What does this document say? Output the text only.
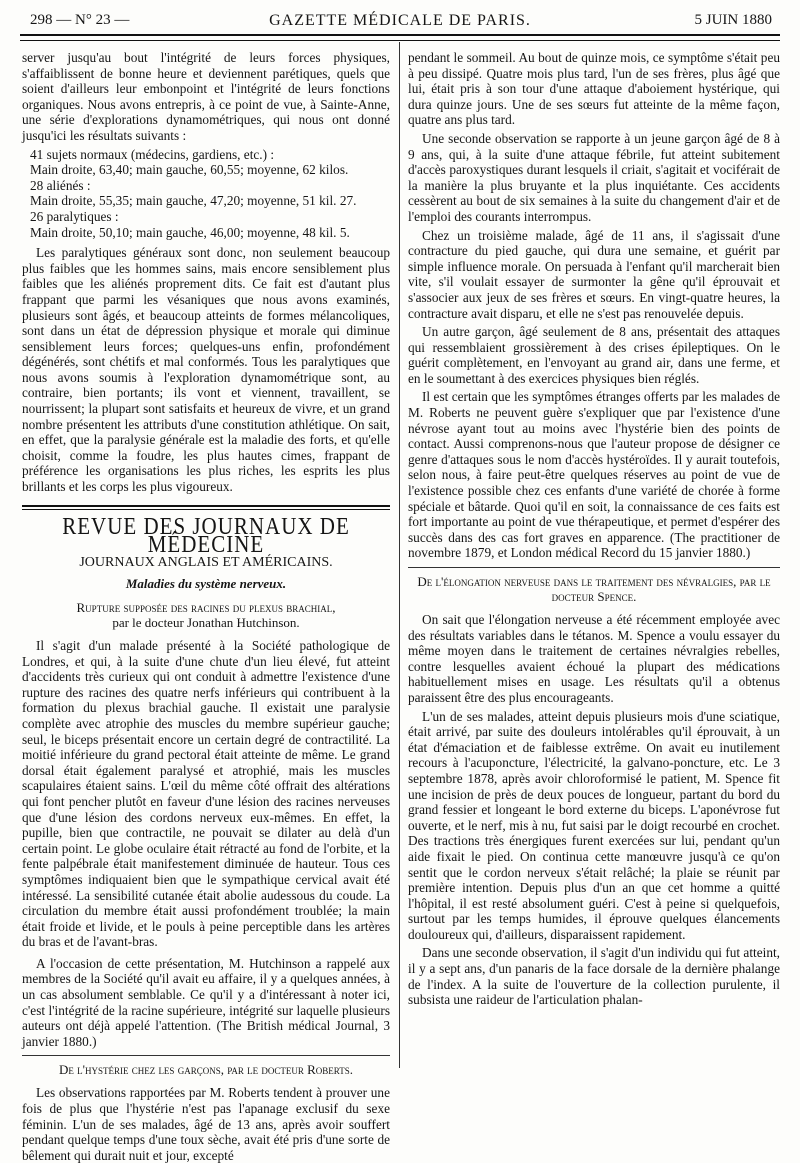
298 — N° 23 —	GAZETTE MÉDICALE DE PARIS.	5 JUIN 1880

server jusqu'au bout l'intégrité de leurs forces physiques, s'affaiblissent de bonne heure et deviennent parétiques, quels que soient d'ailleurs leur embonpoint et l'intégrité de leurs fonctions organiques. Nous avons entrepris, à ce point de vue, à Sainte-Anne, une série d'explorations dynamométriques, qui nous ont donné jusqu'ici les résultats suivants :

41 sujets normaux (médecins, gardiens, etc.) :
Main droite, 63,40; main gauche, 60,55; moyenne, 62 kilos.
28 aliénés :
Main droite, 55,35; main gauche, 47,20; moyenne, 51 kil. 27.
26 paralytiques :
Main droite, 50,10; main gauche, 46,00; moyenne, 48 kil. 5.

Les paralytiques généraux sont donc, non seulement beaucoup plus faibles que les hommes sains, mais encore sensiblement plus faibles que les aliénés proprement dits. Ce fait est d'autant plus frappant que parmi les vésaniques que nous avons examinés, plusieurs sont âgés, et beaucoup atteints de formes mélancoliques, sont dans un état de dépression physique et morale qui diminue sensiblement leurs forces; quelques-uns enfin, profondément dégénérés, sont chétifs et mal conformés. Tous les paralytiques que nous avons soumis à l'exploration dynamométrique sont, au contraire, bien portants; ils vont et viennent, travaillent, se nourrissent; la plupart sont satisfaits et heureux de vivre, et un grand nombre présentent les attributs d'une constitution athlétique. On sait, en effet, que la paralysie générale est la maladie des forts, et qu'elle choisit, comme la foudre, les plus hautes cimes, frappant de préférence les organisations les plus riches, les esprits les plus brillants et les corps les plus vigoureux.

REVUE DES JOURNAUX DE MÉDECINE
JOURNAUX ANGLAIS ET AMÉRICAINS.
Maladies du système nerveux.
Rupture supposée des racines du plexus brachial,
par le docteur Jonathan Hutchinson.

Il s'agit d'un malade présenté à la Société pathologique de Londres, et qui, à la suite d'une chute d'un lieu élevé, fut atteint d'accidents très curieux qui ont conduit à admettre l'existence d'une rupture des racines des quatre nerfs inférieurs qui contribuent à la formation du plexus brachial gauche. Il existait une paralysie complète avec atrophie des muscles du membre supérieur gauche; seul, le biceps présentait encore un certain degré de contractilité. La moitié inférieure du grand pectoral était atteinte de même. Le grand dorsal était également paralysé et atrophié, mais les muscles scapulaires étaient sains. L'œil du même côté offrait des altérations qui font pencher plutôt en faveur d'une lésion des racines nerveuses que d'une lésion des cordons nerveux eux-mêmes. En effet, la pupille, bien que contractile, ne pouvait se dilater au delà d'un certain point. Le globe oculaire était rétracté au fond de l'orbite, et la fente palpébrale était manifestement diminuée de hauteur. Tous ces symptômes indiquaient bien que le sympathique cervical avait été intéressé. La sensibilité cutanée était abolie audessous du coude. La circulation du membre était aussi profondément troublée; la main était froide et livide, et le pouls à peine perceptible dans les artères du bras et de l'avant-bras.

A l'occasion de cette présentation, M. Hutchinson a rappelé aux membres de la Société qu'il avait eu affaire, il y a quelques années, à un cas absolument semblable. Ce qu'il y a d'intéressant à noter ici, c'est l'intégrité de la racine supérieure, intégrité sur laquelle plusieurs auteurs ont déjà appelé l'attention. (The British médical Journal, 3 janvier 1880.)

De l'hystérie chez les garçons, par le docteur Roberts.

Les observations rapportées par M. Roberts tendent à prouver une fois de plus que l'hystérie n'est pas l'apanage exclusif du sexe féminin. L'un de ses malades, âgé de 13 ans, après avoir souffert pendant quelque temps d'une toux sèche, avait été pris d'une sorte de bêlement qui durait nuit et jour, excepté

pendant le sommeil. Au bout de quinze mois, ce symptôme s'était peu à peu dissipé. Quatre mois plus tard, l'un de ses frères, plus âgé que lui, était pris à son tour d'une attaque d'aboiement hystérique, qui dura quinze jours. Une de ses sœurs fut atteinte de la même façon, quatre ans plus tard.

Une seconde observation se rapporte à un jeune garçon âgé de 8 à 9 ans, qui, à la suite d'une attaque fébrile, fut atteint subitement d'accès paroxystiques durant lesquels il criait, s'agitait et vociférait de la manière la plus bruyante et la plus inquiétante. Ces accidents cessèrent au bout de six semaines à la suite du changement d'air et de l'emploi des courants interrompus.

Chez un troisième malade, âgé de 11 ans, il s'agissait d'une contracture du pied gauche, qui dura une semaine, et guérit par simple influence morale. On persuada à l'enfant qu'il marcherait bien vite, s'il voulait essayer de surmonter la gêne qu'il éprouvait et s'associer aux jeux de ses frères et sœurs. En vingt-quatre heures, la contracture avait disparu, et elle ne s'est pas renouvelée depuis.

Un autre garçon, âgé seulement de 8 ans, présentait des attaques qui ressemblaient grossièrement à des crises épileptiques. On le guérit complètement, en l'envoyant au grand air, dans une ferme, et en le soumettant à des exercices physiques bien réglés.

Il est certain que les symptômes étranges offerts par les malades de M. Roberts ne peuvent guère s'expliquer que par l'existence d'une névrose ayant tout au moins avec l'hystérie bien des points de contact. Aussi comprenons-nous que l'auteur propose de désigner ce genre d'attaques sous le nom d'accès hystéroïdes. Il y aurait toutefois, selon nous, à faire peut-être quelques réserves au point de vue de l'existence possible chez ces enfants d'une variété de chorée à forme spéciale et bâtarde. Quoi qu'il en soit, la connaissance de ces faits est fort importante au point de vue thérapeutique, et permet d'espérer des succès dans des cas fort graves en apparence. (The practitioner de novembre 1879, et London médical Record du 15 janvier 1880.)

De l'élongation nerveuse dans le traitement des névralgies, par le docteur Spence.

On sait que l'élongation nerveuse a été récemment employée avec des résultats variables dans le tétanos. M. Spence a voulu essayer du même moyen dans le traitement de certaines névralgies rebelles, contre lesquelles avaient échoué la plupart des médications habituellement mises en usage. Les résultats qu'il a obtenus paraissent être des plus encourageants.

L'un de ses malades, atteint depuis plusieurs mois d'une sciatique, était arrivé, par suite des douleurs intolérables qu'il éprouvait, à un état d'émaciation et de faiblesse extrême. On avait eu inutilement recours à l'acuponcture, l'électricité, la galvano-poncture, etc. Le 3 septembre 1878, après avoir chloroformisé le patient, M. Spence fit une incision de près de deux pouces de longueur, partant du bord du grand fessier et longeant le bord externe du biceps. L'aponévrose fut ouverte, et le nerf, mis à nu, fut saisi par le doigt recourbé en crochet. Des tractions très énergiques furent exercées sur lui, pendant qu'un aide fixait le pied. On continua cette manœuvre jusqu'à ce qu'on sentit que le cordon nerveux s'était relâché; la plaie se réunit par première intention. Depuis plus d'un an que cet homme a quitté l'hôpital, il est resté absolument guéri. C'est à peine si quelquefois, surtout par les temps humides, il éprouve quelques élancements douloureux qui, d'ailleurs, disparaissent rapidement.

Dans une seconde observation, il s'agit d'un individu qui fut atteint, il y a sept ans, d'un panaris de la face dorsale de la dernière phalange de l'index. A la suite de l'ouverture de la collection purulente, il subsista une raideur de l'articulation phalan-
